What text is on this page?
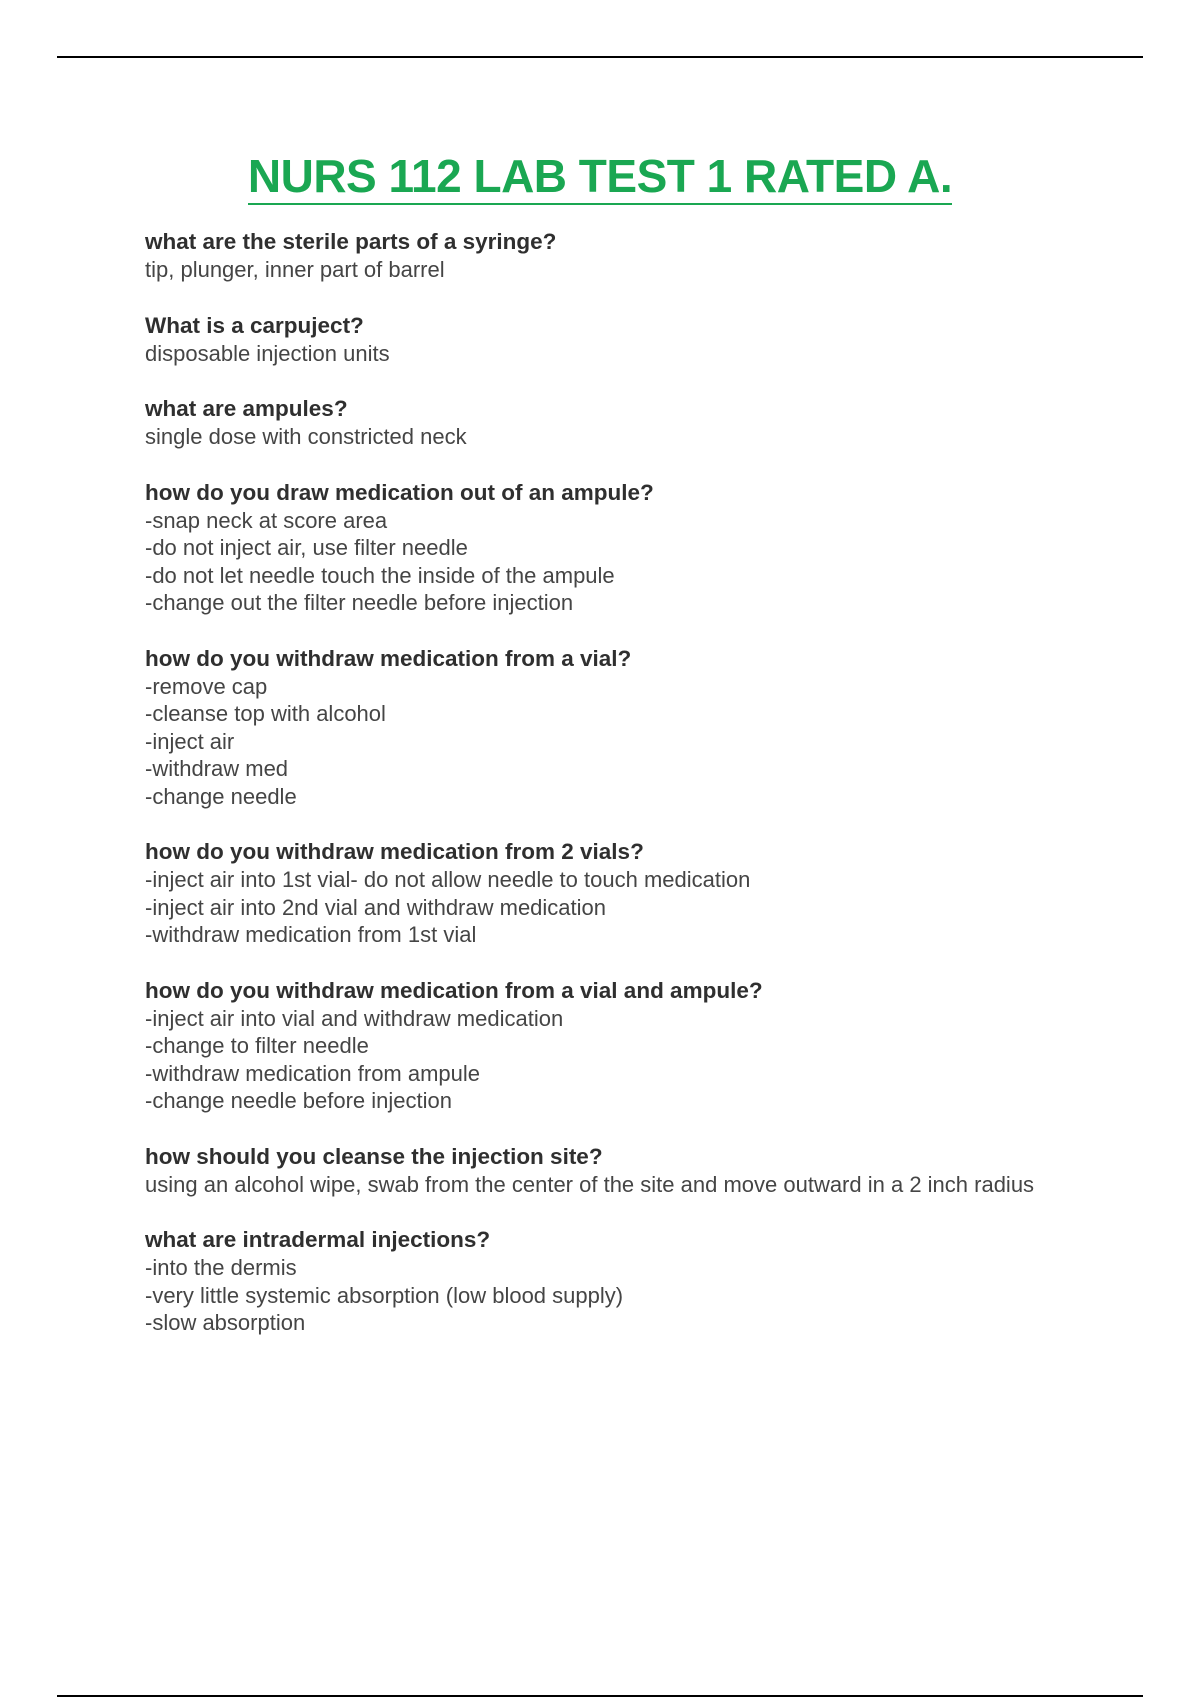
NURS 112 LAB TEST 1 RATED A.
what are the sterile parts of a syringe?
tip, plunger, inner part of barrel
What is a carpuject?
disposable injection units
what are ampules?
single dose with constricted neck
how do you draw medication out of an ampule?
-snap neck at score area
-do not inject air, use filter needle
-do not let needle touch the inside of the ampule
-change out the filter needle before injection
how do you withdraw medication from a vial?
-remove cap
-cleanse top with alcohol
-inject air
-withdraw med
-change needle
how do you withdraw medication from 2 vials?
-inject air into 1st vial- do not allow needle to touch medication
-inject air into 2nd vial and withdraw medication
-withdraw medication from 1st vial
how do you withdraw medication from a vial and ampule?
-inject air into vial and withdraw medication
-change to filter needle
-withdraw medication from ampule
-change needle before injection
how should you cleanse the injection site?
using an alcohol wipe, swab from the center of the site and move outward in a 2 inch radius
what are intradermal injections?
-into the dermis
-very little systemic absorption (low blood supply)
-slow absorption
